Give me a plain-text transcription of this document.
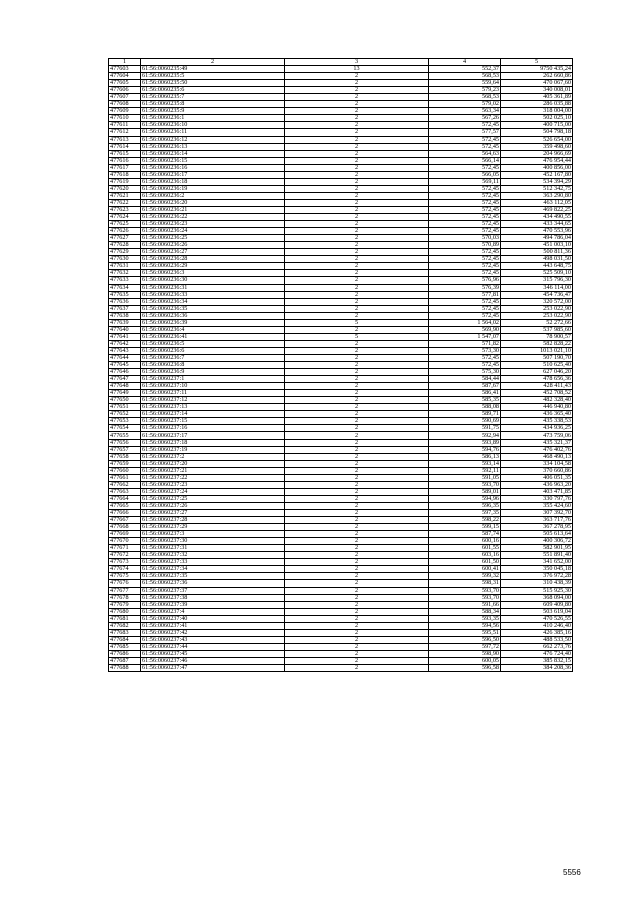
1	2	3	4	5
477603	61:56:0060235:49	13	552,37	9750 435,24
477604	61:56:0060235:5	2	568,53	262 660,86
477605	61:56:0060235:50	2	559,64	470 067,60
477606	61:56:0060235:6	2	579,23	340 008,01
477607	61:56:0060235:7	2	568,53	405 361,89
477608	61:56:0060235:8	2	579,02	286 035,88
477609	61:56:0060235:9	2	563,34	318 004,00
477610	61:56:0060236:1	2	567,26	502 025,10
477611	61:56:0060236:10	2	572,45	400 715,00
477612	61:56:0060236:11	2	577,57	504 798,18
477613	61:56:0060236:12	2	572,45	526 654,00
477614	61:56:0060236:13	2	572,45	359 498,60
477615	61:56:0060236:14	2	564,63	204 966,69
477616	61:56:0060236:15	2	566,14	476 954,44
477617	61:56:0060236:16	2	572,45	400 856,00
477618	61:56:0060236:17	2	566,05	452 167,80
477619	61:56:0060236:18	2	569,11	534 394,29
477620	61:56:0060236:19	2	572,45	512 342,75
477621	61:56:0060236:2	2	572,45	363 290,80
477622	61:56:0060236:20	2	572,45	463 112,05
477623	61:56:0060236:21	2	572,45	469 822,25
477624	61:56:0060236:22	2	572,45	434 490,55
477625	61:56:0060236:23	2	572,45	433 344,65
477626	61:56:0060236:24	2	572,45	470 553,96
477627	61:56:0060236:25	2	570,03	494 786,04
477628	61:56:0060236:26	2	570,89	451 003,10
477629	61:56:0060236:27	2	572,45	500 811,36
477630	61:56:0060236:28	2	572,45	498 031,50
477631	61:56:0060236:29	2	572,45	443 648,75
477632	61:56:0060236:3	2	572,45	525 509,10
477633	61:56:0060236:30	2	576,96	315 796,30
477634	61:56:0060236:31	2	576,39	346 114,00
477635	61:56:0060236:33	2	577,81	454 736,47
477636	61:56:0060236:34	2	572,45	320 572,00
477637	61:56:0060236:35	2	572,45	253 022,90
477638	61:56:0060236:36	2	572,45	253 022,90
477639	61:56:0060236:39	5	1 564,02	52 272,66
477640	61:56:0060236:4	2	569,90	537 985,60
477641	61:56:0060236:41	5	1 547,07	78 900,57
477642	61:56:0060236:5	2	571,82	582 828,22
477643	61:56:0060236:6	2	573,30	1013 021,10
477644	61:56:0060236:7	2	572,45	507 190,70
477645	61:56:0060236:8	2	572,45	510 625,40
477646	61:56:0060236:9	2	575,30	627 046,20
477647	61:56:0060237:1	2	584,44	478 656,36
477648	61:56:0060237:10	2	587,67	428 411,43
477649	61:56:0060237:11	2	586,41	452 708,52
477650	61:56:0060237:12	2	585,35	482 328,40
477651	61:56:0060237:13	2	588,08	446 940,80
477652	61:56:0060237:14	2	589,71	436 365,40
477653	61:56:0060237:15	2	590,69	435 338,53
477654	61:56:0060237:16	2	591,75	434 936,25
477655	61:56:0060237:17	2	592,94	473 759,06
477656	61:56:0060237:18	2	593,89	435 321,37
477657	61:56:0060237:19	2	594,76	476 402,76
477658	61:56:0060237:2	2	586,13	468 490,13
477659	61:56:0060237:20	2	593,14	334 104,58
477660	61:56:0060237:21	2	592,11	370 660,86
477661	61:56:0060237:22	2	591,05	406 051,35
477662	61:56:0060237:23	2	593,70	436 963,20
477663	61:56:0060237:24	2	589,01	403 471,85
477664	61:56:0060237:25	2	594,96	330 797,76
477665	61:56:0060237:26	2	596,35	355 424,60
477666	61:56:0060237:27	2	597,35	307 392,70
477667	61:56:0060237:28	2	598,22	363 717,76
477668	61:56:0060237:29	2	599,15	367 278,95
477669	61:56:0060237:3	2	587,74	505 613,64
477670	61:56:0060237:30	2	600,16	400 306,72
477671	61:56:0060237:31	2	601,55	582 901,95
477672	61:56:0060237:32	2	603,16	551 891,40
477673	61:56:0060237:33	2	601,50	341 652,00
477674	61:56:0060237:34	2	600,41	350 045,18
477675	61:56:0060237:35	2	599,32	376 972,28
477676	61:56:0060237:36	2	598,31	310 438,39
477677	61:56:0060237:37	2	593,70	515 925,30
477678	61:56:0060237:38	2	593,70	368 094,00
477679	61:56:0060237:39	2	591,66	609 409,80
477680	61:56:0060237:4	2	588,34	503 619,04
477681	61:56:0060237:40	2	593,35	470 526,55
477682	61:56:0060237:41	2	594,56	410 246,40
477683	61:56:0060237:42	2	595,51	426 385,16
477684	61:56:0060237:43	2	596,50	488 533,50
477685	61:56:0060237:44	2	597,72	662 273,76
477686	61:56:0060237:45	2	598,90	476 724,40
477687	61:56:0060237:46	2	600,05	385 832,15
477688	61:56:0060237:47	2	596,58	384 208,36
5556
